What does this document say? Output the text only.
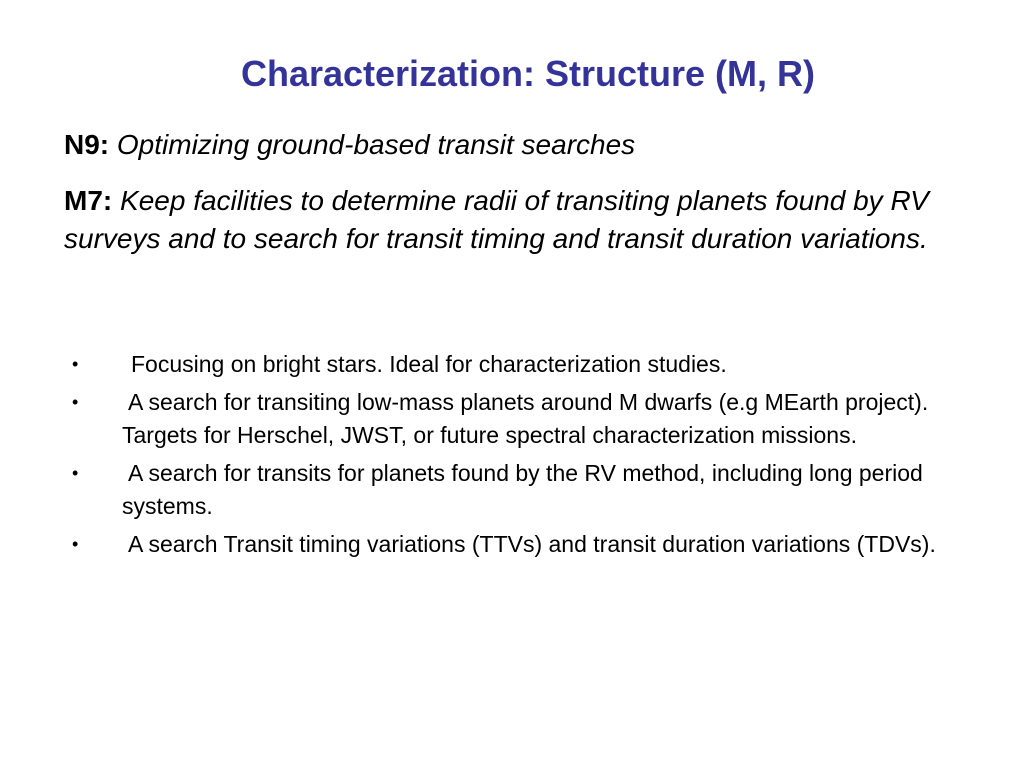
Characterization: Structure (M, R)
N9: Optimizing ground-based transit searches
M7: Keep facilities to determine radii of transiting planets found by RV surveys and to search for transit timing and transit duration variations.
• Focusing on bright stars. Ideal for characterization studies.
• A search for transiting low-mass planets around M dwarfs (e.g MEarth project). Targets for Herschel, JWST, or future spectral characterization missions.
• A search for transits for planets found by the RV method, including long period systems.
• A search Transit timing variations (TTVs) and transit duration variations (TDVs).
